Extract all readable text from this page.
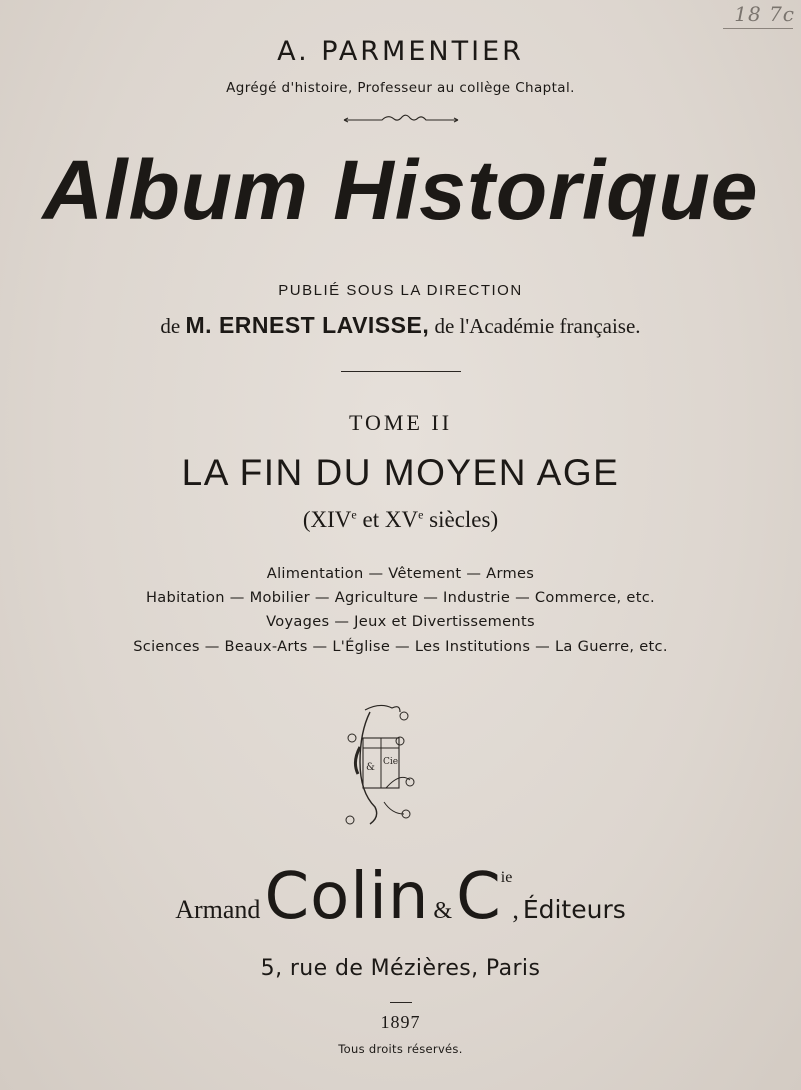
18 7c
A. PARMENTIER
Agrégé d'histoire, Professeur au collège Chaptal.
Album Historique
PUBLIÉ SOUS LA DIRECTION
de M. ERNEST LAVISSE, de l'Académie française.
TOME II
LA FIN DU MOYEN AGE
(XIVe et XVe siècles)
Alimentation — Vêtement — Armes
Habitation — Mobilier — Agriculture — Industrie — Commerce, etc.
Voyages — Jeux et Divertissements
Sciences — Beaux-Arts — L'Église — Les Institutions — La Guerre, etc.
& Cie
Armand Colin & Cie, Éditeurs
5, rue de Mézières, Paris
1897
Tous droits réservés.
